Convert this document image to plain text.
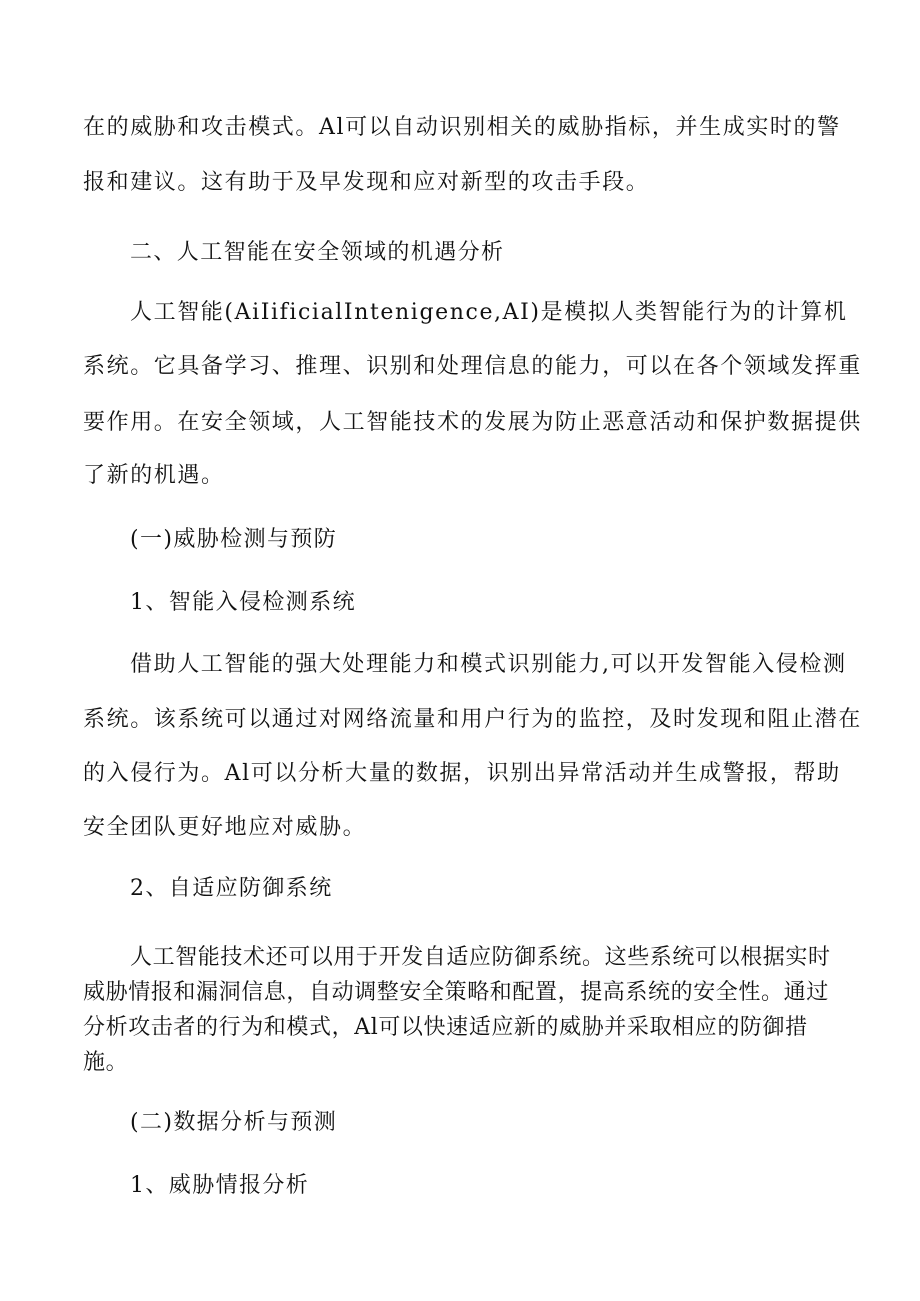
在的威胁和攻击模式。Al可以自动识别相关的威胁指标，并生成实时的警
报和建议。这有助于及早发现和应对新型的攻击手段。
二、人工智能在安全领域的机遇分析
人工智能(AiIificialIntenigence,AI)是模拟人类智能行为的计算机
系统。它具备学习、推理、识别和处理信息的能力，可以在各个领域发挥重
要作用。在安全领域，人工智能技术的发展为防止恶意活动和保护数据提供
了新的机遇。
(一)威胁检测与预防
1、智能入侵检测系统
借助人工智能的强大处理能力和模式识别能力,可以开发智能入侵检测
系统。该系统可以通过对网络流量和用户行为的监控，及时发现和阻止潜在
的入侵行为。Al可以分析大量的数据，识别出异常活动并生成警报，帮助
安全团队更好地应对威胁。
2、自适应防御系统
人工智能技术还可以用于开发自适应防御系统。这些系统可以根据实时
威胁情报和漏洞信息，自动调整安全策略和配置，提高系统的安全性。通过
分析攻击者的行为和模式，Al可以快速适应新的威胁并采取相应的防御措
施。
(二)数据分析与预测
1、威胁情报分析
